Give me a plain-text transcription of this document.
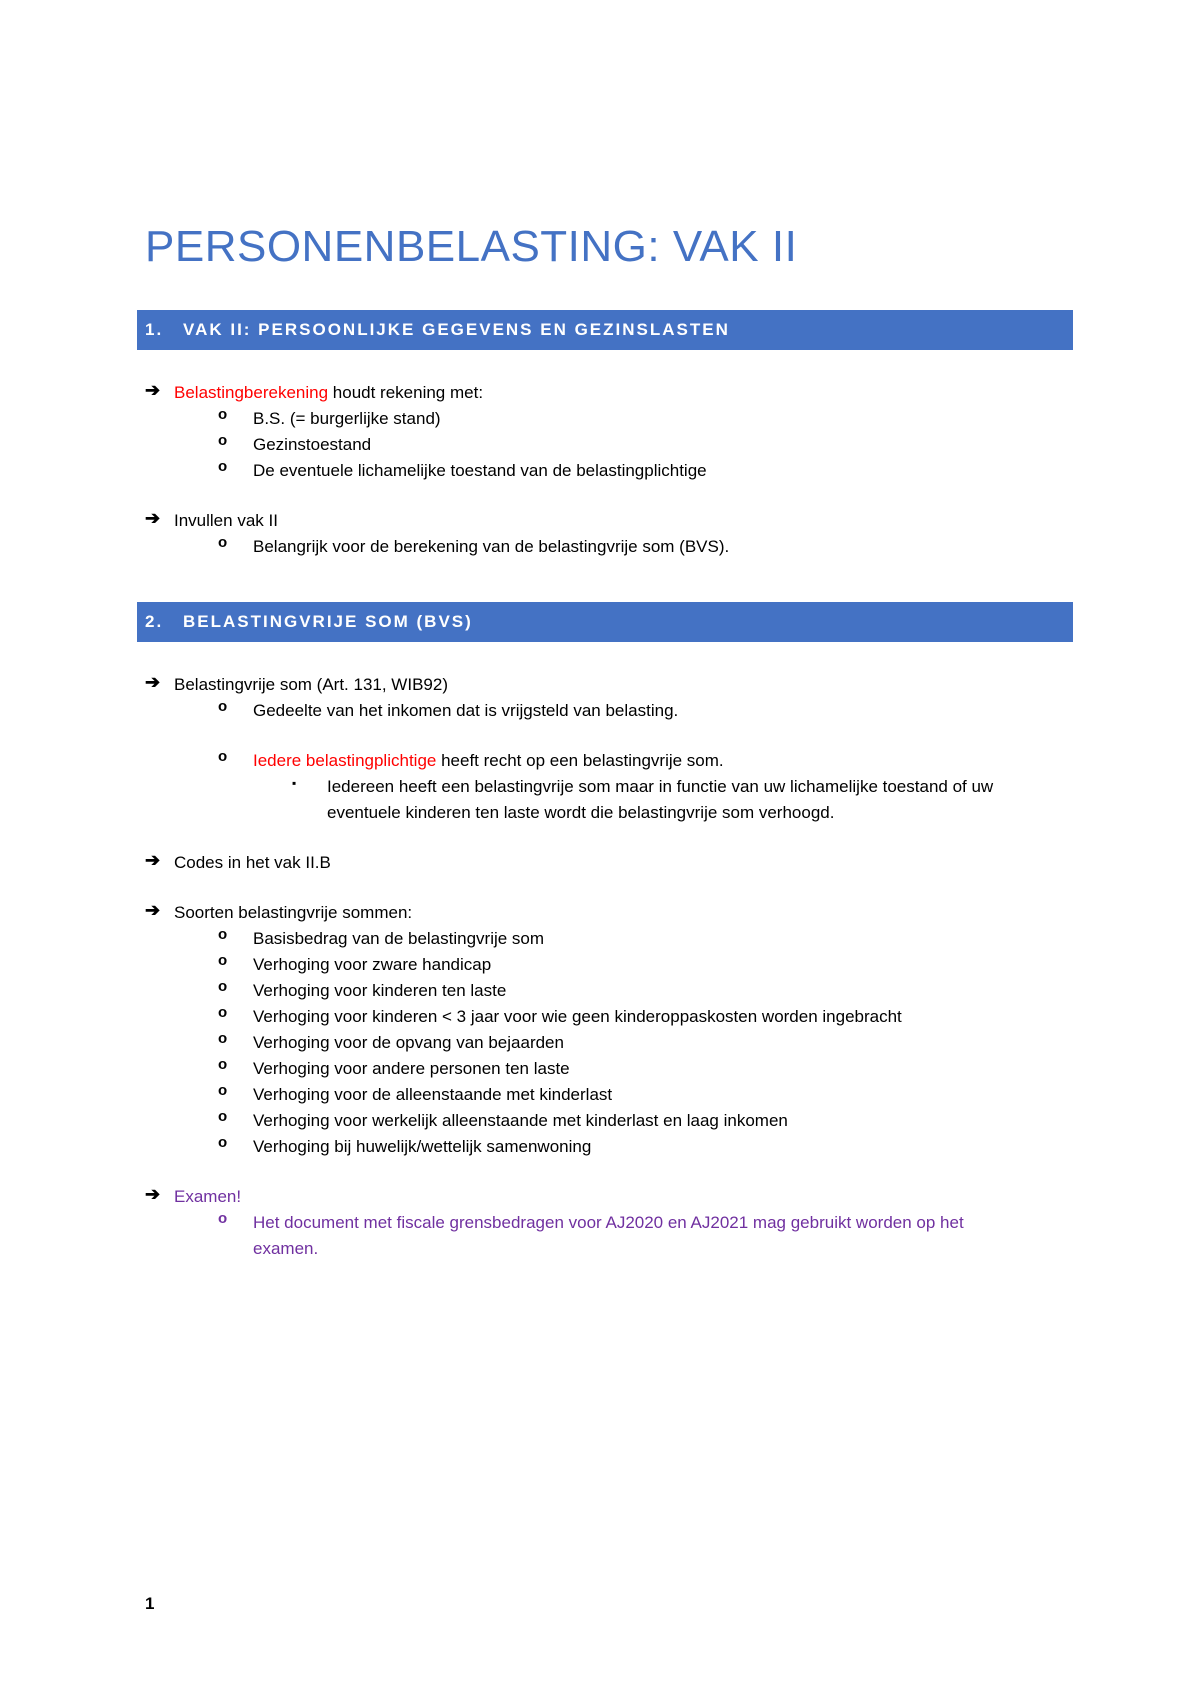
PERSONENBELASTING: VAK II
1. VAK II: PERSOONLIJKE GEGEVENS EN GEZINSLASTEN
➔ Belastingberekening houdt rekening met:
o B.S. (= burgerlijke stand)
o Gezinstoestand
o De eventuele lichamelijke toestand van de belastingplichtige
➔ Invullen vak II
o Belangrijk voor de berekening van de belastingvrije som (BVS).
2. BELASTINGVRIJE SOM (BVS)
➔ Belastingvrije som (Art. 131, WIB92)
o Gedeelte van het inkomen dat is vrijgsteld van belasting.
o Iedere belastingplichtige heeft recht op een belastingvrije som.
▪ Iedereen heeft een belastingvrije som maar in functie van uw lichamelijke toestand of uw
eventuele kinderen ten laste wordt die belastingvrije som verhoogd.
➔ Codes in het vak II.B
➔ Soorten belastingvrije sommen:
o Basisbedrag van de belastingvrije som
o Verhoging voor zware handicap
o Verhoging voor kinderen ten laste
o Verhoging voor kinderen < 3 jaar voor wie geen kinderoppaskosten worden ingebracht
o Verhoging voor de opvang van bejaarden
o Verhoging voor andere personen ten laste
o Verhoging voor de alleenstaande met kinderlast
o Verhoging voor werkelijk alleenstaande met kinderlast en laag inkomen
o Verhoging bij huwelijk/wettelijk samenwoning
➔ Examen!
o Het document met fiscale grensbedragen voor AJ2020 en AJ2021 mag gebruikt worden op het
examen.
1
